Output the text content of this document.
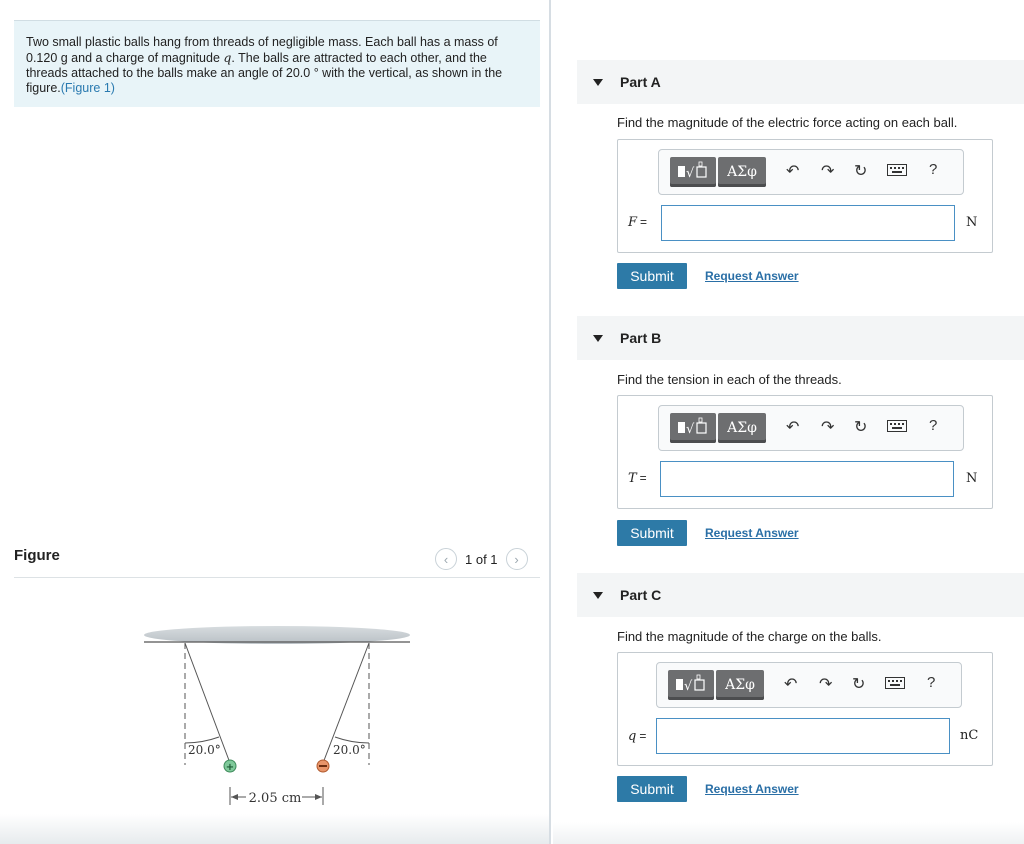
Two small plastic balls hang from threads of negligible mass. Each ball has a mass of 0.120 g and a charge of magnitude q. The balls are attracted to each other, and the threads attached to the balls make an angle of 20.0 ° with the vertical, as shown in the figure.(Figure 1)
Figure	‹	1 of 1	›
20.0°	20.0°
+
2.05 cm
Part A
Find the magnitude of the electric force acting on each ball.
√	ΑΣφ	↶ ↷ ↻	?
F =	N
Submit	Request Answer
Part B
Find the tension in each of the threads.
√	ΑΣφ	↶ ↷ ↻	?
T =	N
Submit	Request Answer
Part C
Find the magnitude of the charge on the balls.
√	ΑΣφ	↶ ↷ ↻	?
q =	nC
Submit	Request Answer
